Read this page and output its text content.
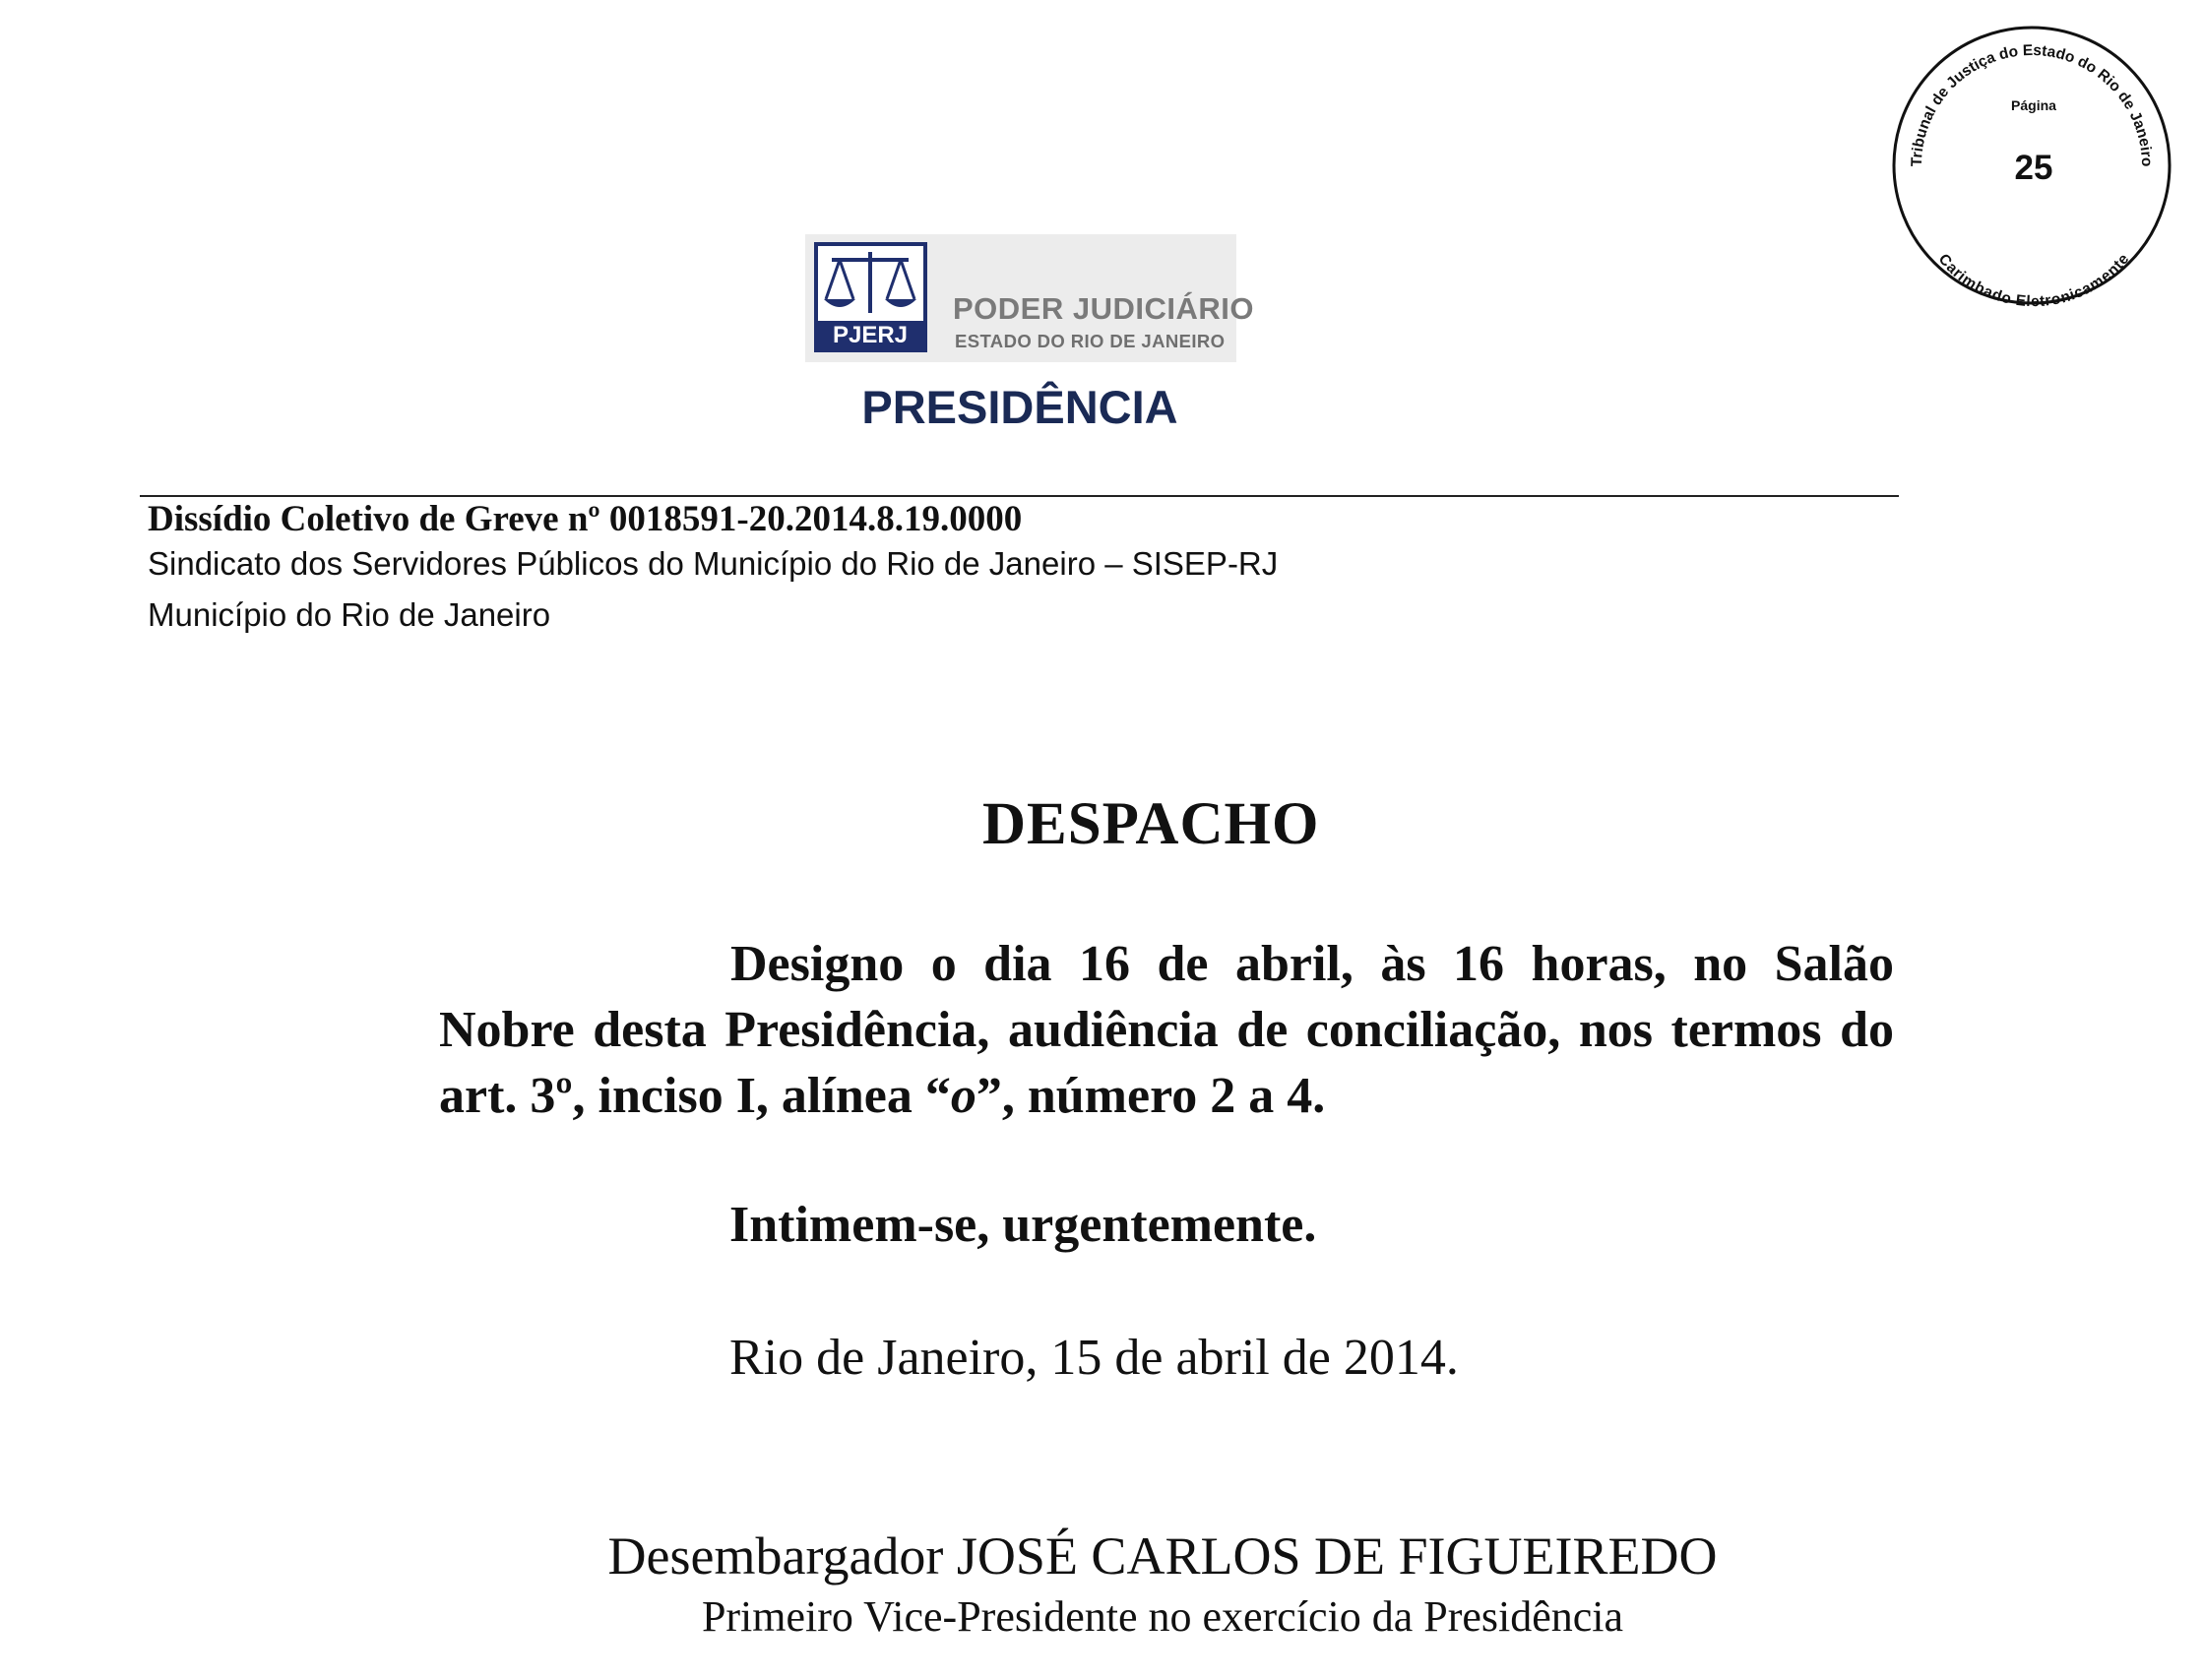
Tribunal de Justiça do Estado do Rio de Janeiro
Carimbado Eletronicamente
Página
25
PJERJ
PODER JUDICIÁRIO
ESTADO DO RIO DE JANEIRO
PRESIDÊNCIA
Dissídio Coletivo de Greve nº 0018591-20.2014.8.19.0000
Sindicato dos Servidores Públicos do Município do Rio de Janeiro – SISEP-RJ
Município do Rio de Janeiro
DESPACHO
Designo o dia 16 de abril, às 16 horas, no Salão Nobre desta Presidência, audiência de conciliação, nos termos do art. 3º, inciso I, alínea “o”, número 2 a 4.
Intimem-se, urgentemente.
Rio de Janeiro, 15 de abril de 2014.
Desembargador JOSÉ CARLOS DE FIGUEIREDO
Primeiro Vice-Presidente no exercício da Presidência
